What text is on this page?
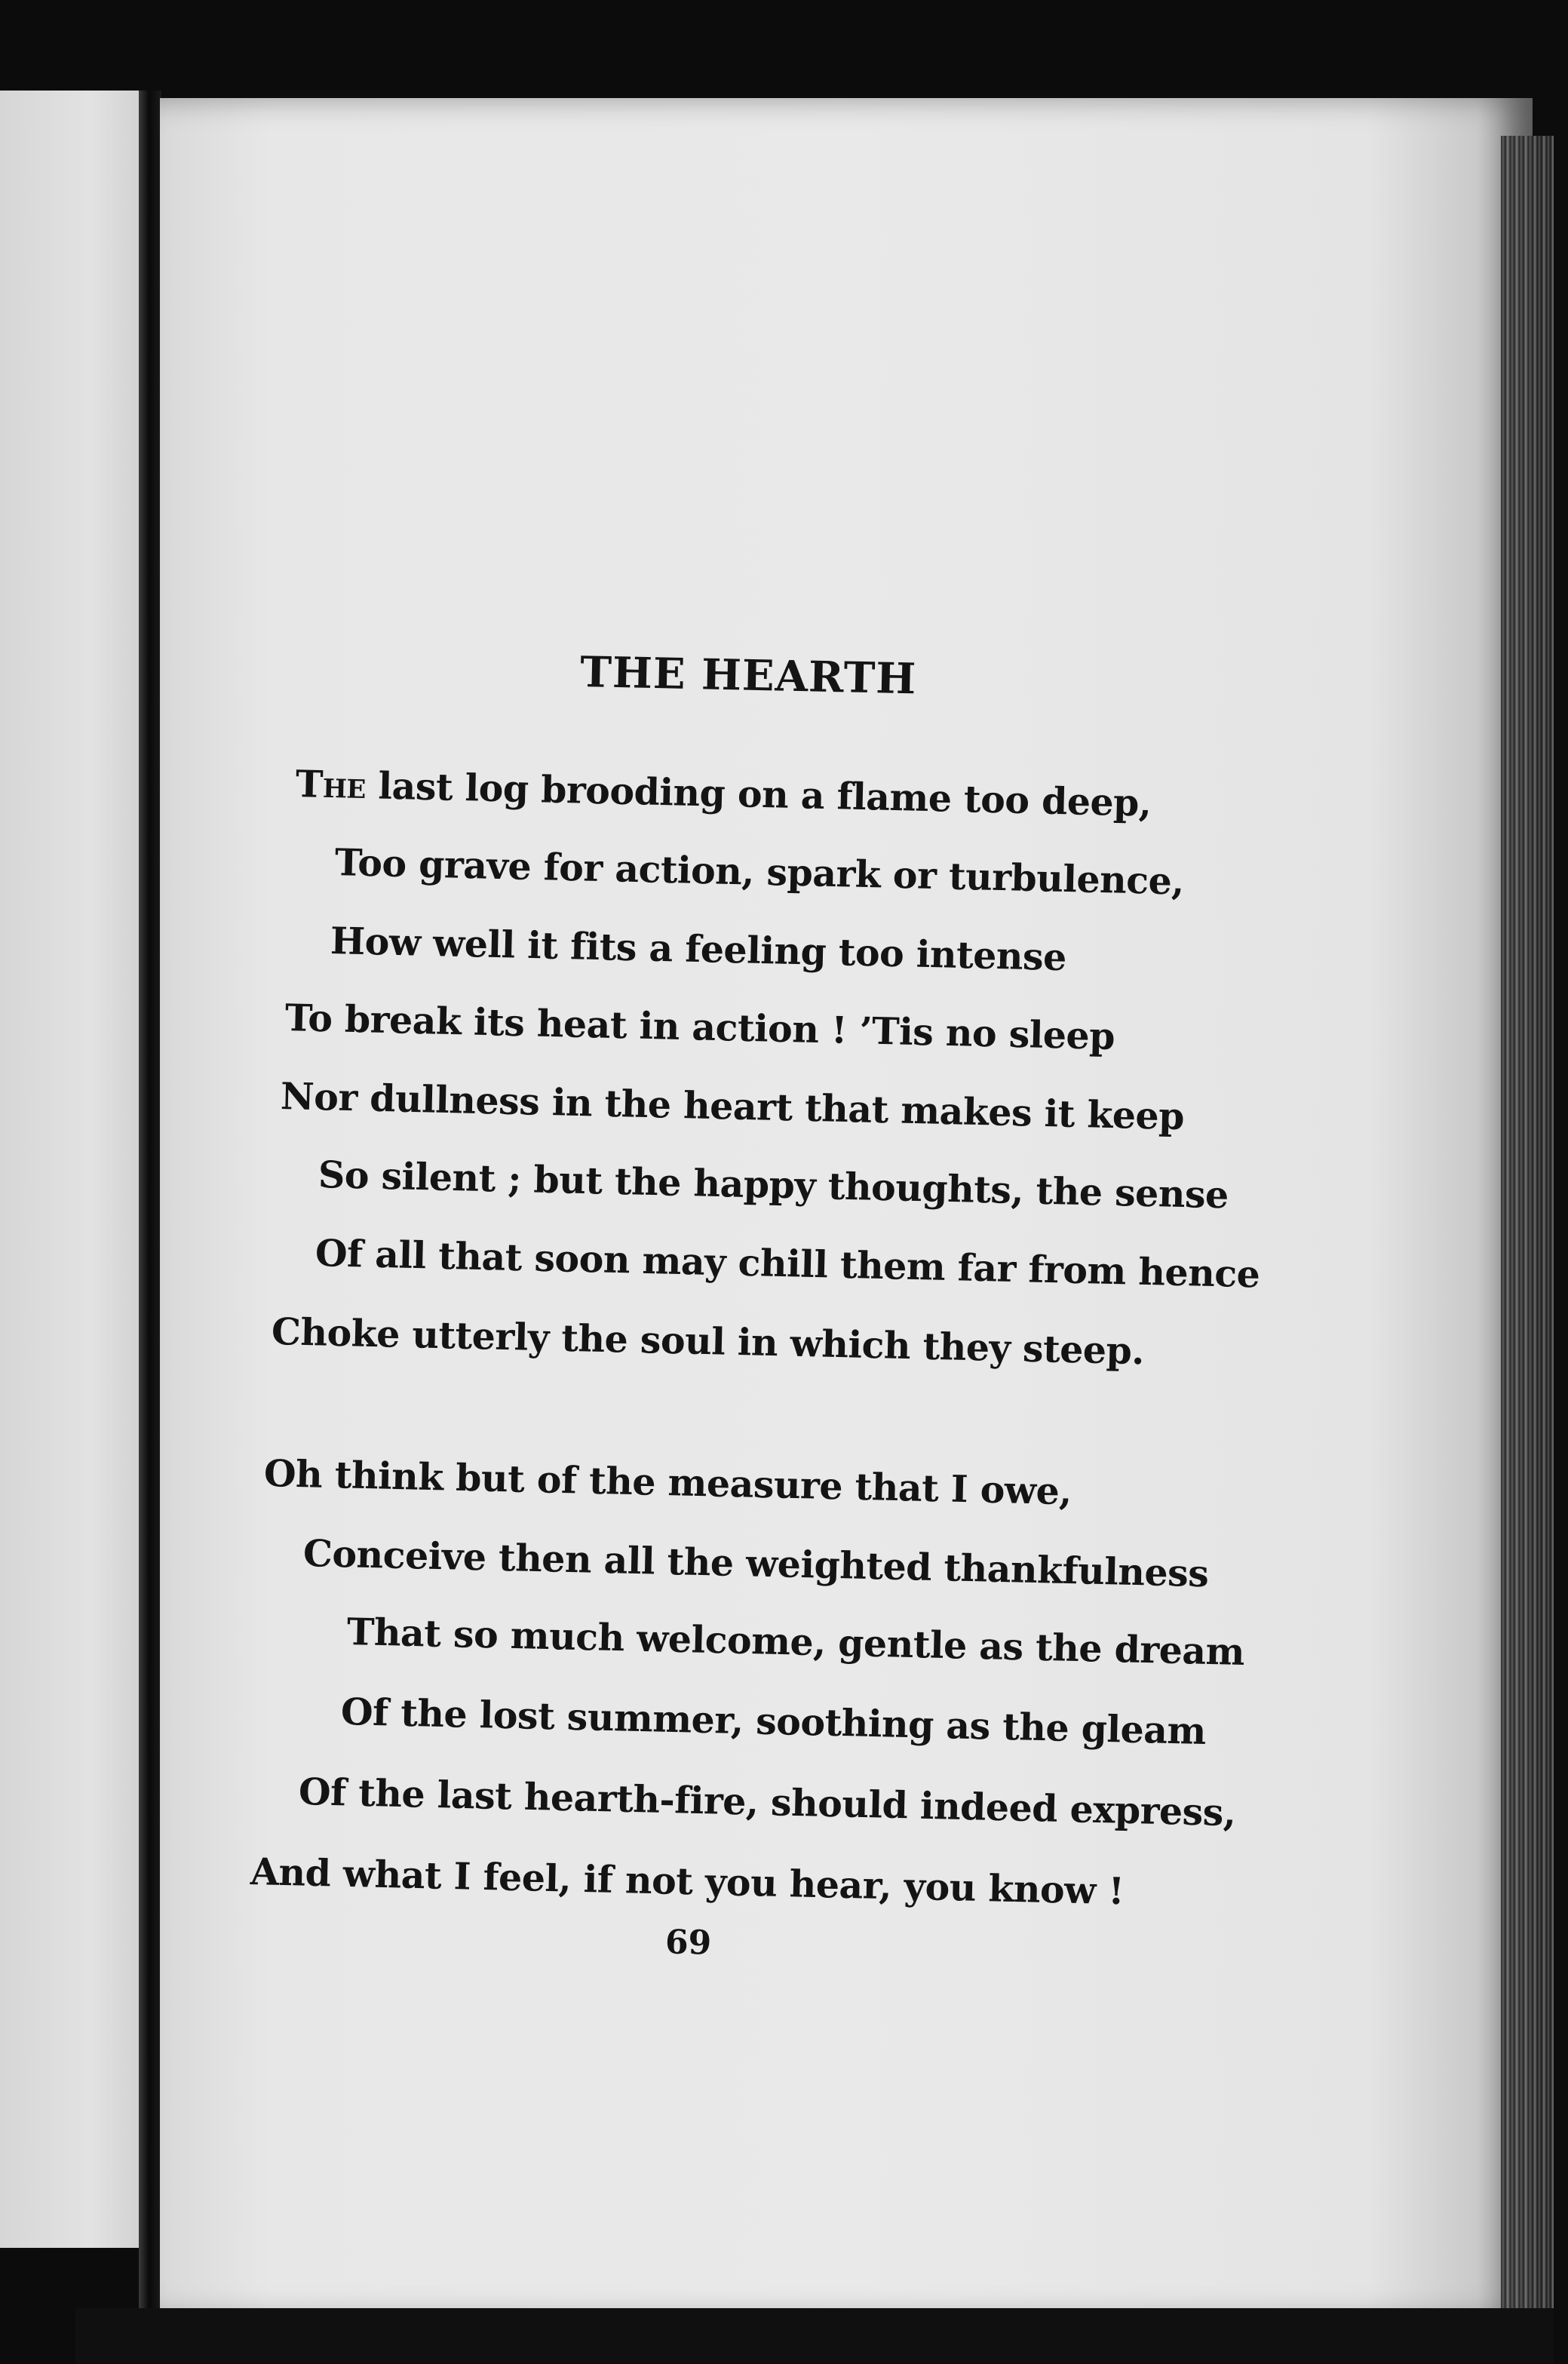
THE HEARTH
The last log brooding on a flame too deep,
Too grave for action, spark or turbulence,
How well it fits a feeling too intense
To break its heat in action ! ’Tis no sleep
Nor dullness in the heart that makes it keep
So silent ; but the happy thoughts, the sense
Of all that soon may chill them far from hence
Choke utterly the soul in which they steep.
Oh think but of the measure that I owe,
Conceive then all the weighted thankfulness
That so much welcome, gentle as the dream
Of the lost summer, soothing as the gleam
Of the last hearth-fire, should indeed express,
And what I feel, if not you hear, you know !
69
